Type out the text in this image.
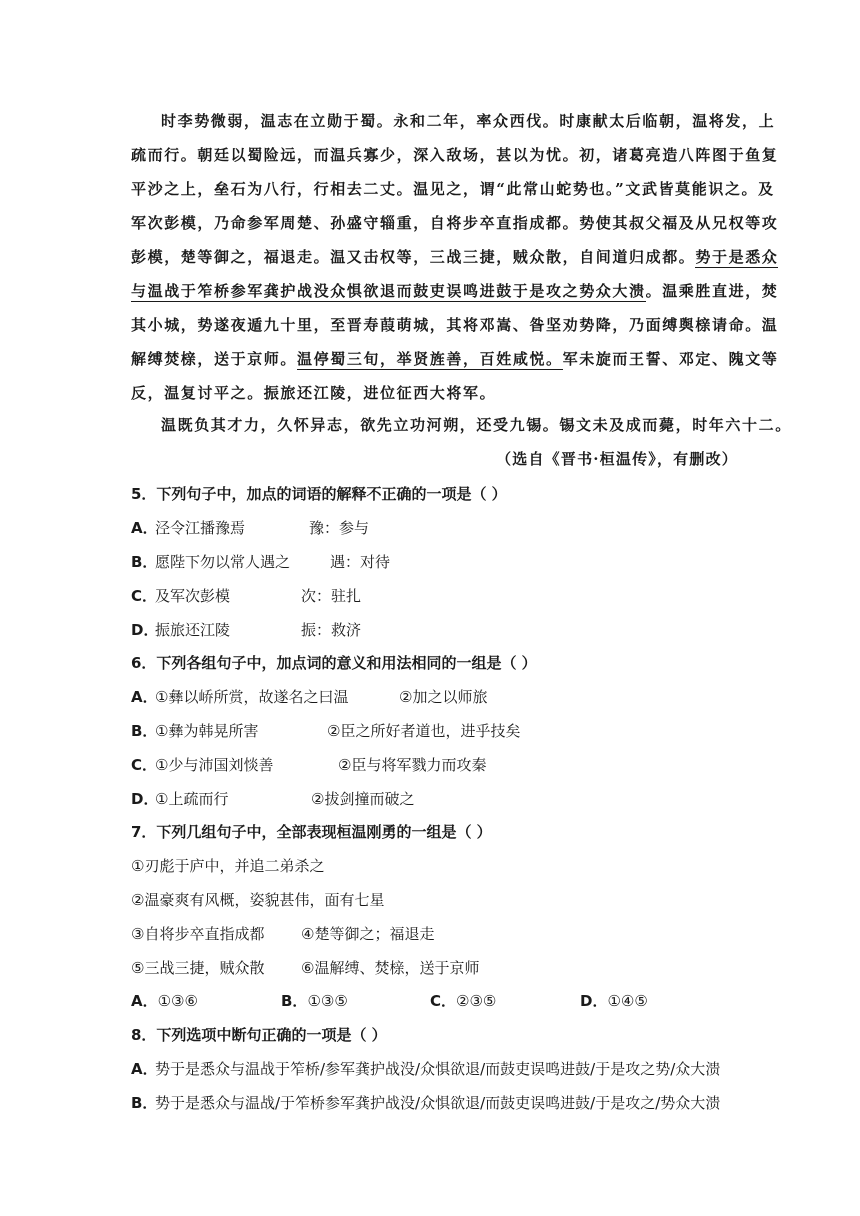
时李势微弱，温志在立勋于蜀。永和二年，率众西伐。时康献太后临朝，温将发，上
疏而行。朝廷以蜀险远，而温兵寡少，深入敌场，甚以为忧。初，诸葛亮造八阵图于鱼复
平沙之上，垒石为八行，行相去二丈。温见之，谓“此常山蛇势也。”文武皆莫能识之。及
军次彭模，乃命参军周楚、孙盛守辎重，自将步卒直指成都。势使其叔父福及从兄权等攻
彭模，楚等御之，福退走。温又击权等，三战三捷，贼众散，自间道归成都。势于是悉众
与温战于笮桥参军龚护战没众惧欲退而鼓吏误鸣进鼓于是攻之势众大溃。温乘胜直进，焚
其小城，势遂夜遁九十里，至晋寿葭萌城，其将邓嵩、昝坚劝势降，乃面缚舆榇请命。温
解缚焚榇，送于京师。温停蜀三旬，举贤旌善，百姓咸悦。军未旋而王誓、邓定、隗文等
反，温复讨平之。振旅还江陵，进位征西大将军。
温既负其才力，久怀异志，欲先立功河朔，还受九锡。锡文未及成而薨，时年六十二。
（选自《晋书·桓温传》，有删改）
5．下列句子中，加点的词语的解释不正确的一项是（ ）
A．泾令江播豫焉	豫：参与
B．愿陛下勿以常人遇之	遇：对待
C．及军次彭模	次：驻扎
D．振旅还江陵	振：救济
6．下列各组句子中，加点词的意义和用法相同的一组是（ ）
A．①彝以峤所赏，故遂名之曰温	②加之以师旅
B．①彝为韩晃所害	②臣之所好者道也，进乎技矣
C．①少与沛国刘惔善	②臣与将军戮力而攻秦
D．①上疏而行	②拔剑撞而破之
7．下列几组句子中，全部表现桓温刚勇的一组是（ ）
①刃彪于庐中，并追二弟杀之
②温豪爽有风概，姿貌甚伟，面有七星
③自将步卒直指成都 ④楚等御之；福退走
⑤三战三捷，贼众散 ⑥温解缚、焚榇，送于京师
A．①③⑥	B．①③⑤	C．②③⑤	D．①④⑤
8．下列选项中断句正确的一项是（ ）
A．势于是悉众与温战于笮桥/参军龚护战没/众惧欲退/而鼓吏误鸣进鼓/于是攻之势/众大溃
B．势于是悉众与温战/于笮桥参军龚护战没/众惧欲退/而鼓吏误鸣进鼓/于是攻之/势众大溃
